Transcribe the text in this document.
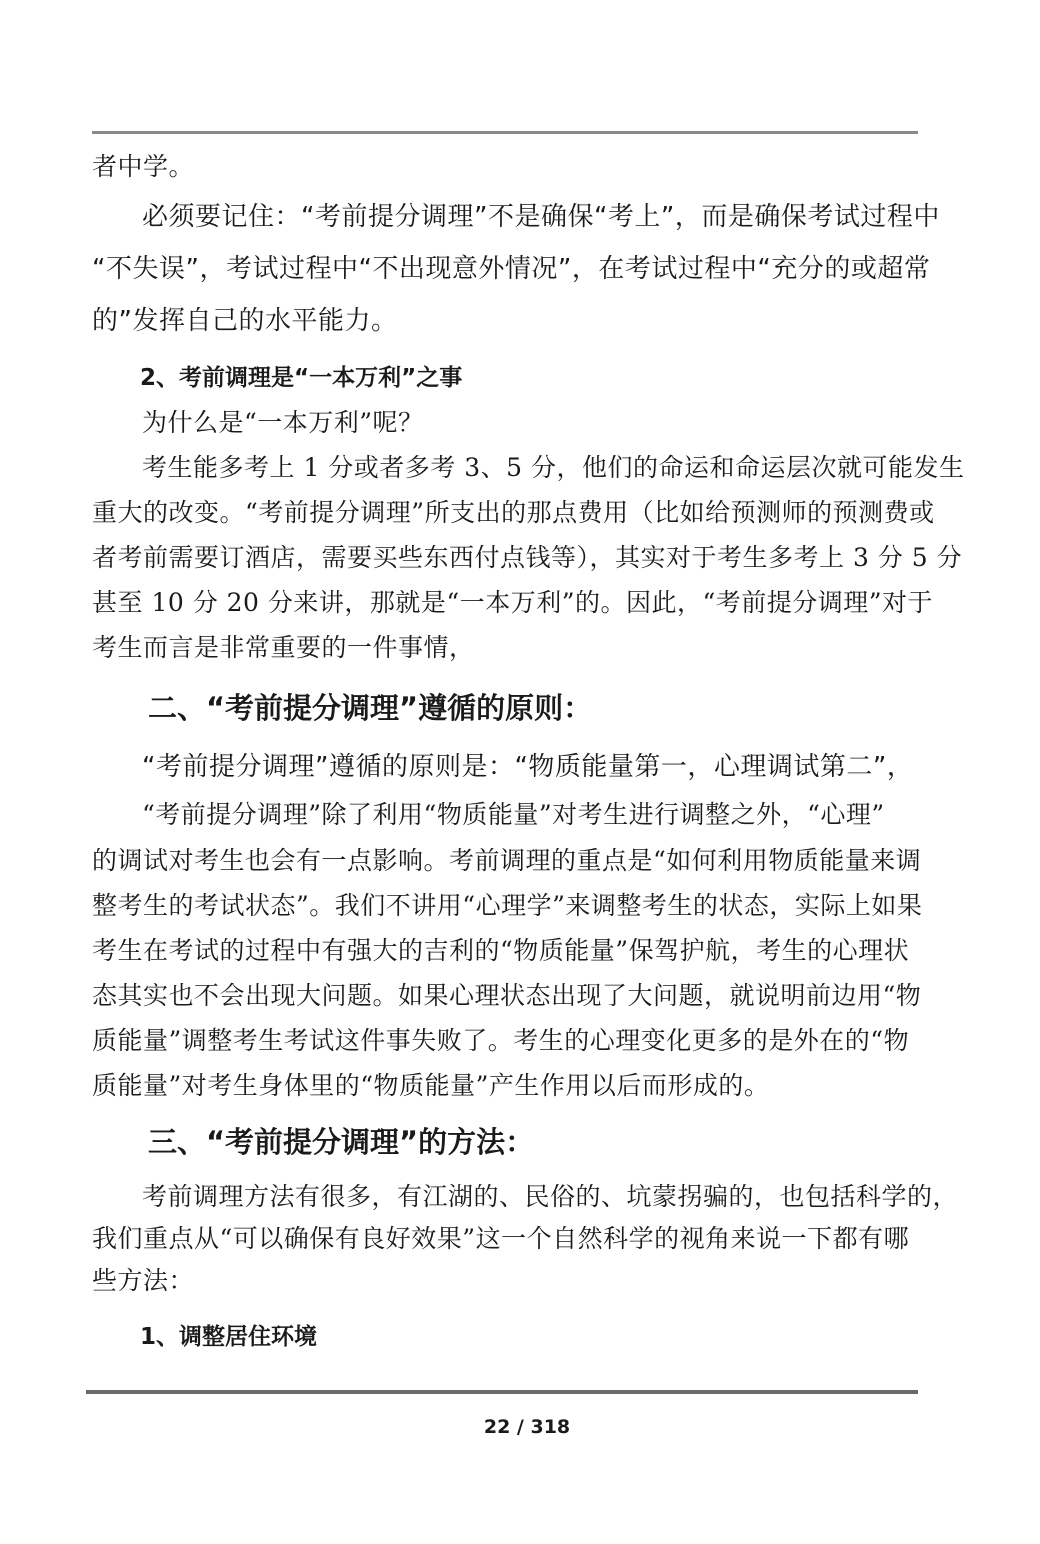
者中学。

必须要记住：“考前提分调理”不是确保“考上”，而是确保考试过程中

“不失误”，考试过程中“不出现意外情况”，在考试过程中“充分的或超常

的”发挥自己的水平能力。

2、考前调理是“一本万利”之事

为什么是“一本万利”呢？

考生能多考上 1 分或者多考 3、5 分，他们的命运和命运层次就可能发生

重大的改变。“考前提分调理”所支出的那点费用（比如给预测师的预测费或

者考前需要订酒店，需要买些东西付点钱等），其实对于考生多考上 3 分 5 分

甚至 10 分 20 分来讲，那就是“一本万利”的。因此，“考前提分调理”对于

考生而言是非常重要的一件事情，

二、“考前提分调理”遵循的原则：

“考前提分调理”遵循的原则是：“物质能量第一，心理调试第二”，

“考前提分调理”除了利用“物质能量”对考生进行调整之外，“心理”

的调试对考生也会有一点影响。考前调理的重点是“如何利用物质能量来调

整考生的考试状态”。我们不讲用“心理学”来调整考生的状态，实际上如果

考生在考试的过程中有强大的吉利的“物质能量”保驾护航，考生的心理状

态其实也不会出现大问题。如果心理状态出现了大问题，就说明前边用“物

质能量”调整考生考试这件事失败了。考生的心理变化更多的是外在的“物

质能量”对考生身体里的“物质能量”产生作用以后而形成的。

三、“考前提分调理”的方法：

考前调理方法有很多，有江湖的、民俗的、坑蒙拐骗的，也包括科学的，

我们重点从“可以确保有良好效果”这一个自然科学的视角来说一下都有哪

些方法：

1、调整居住环境

22 / 318
